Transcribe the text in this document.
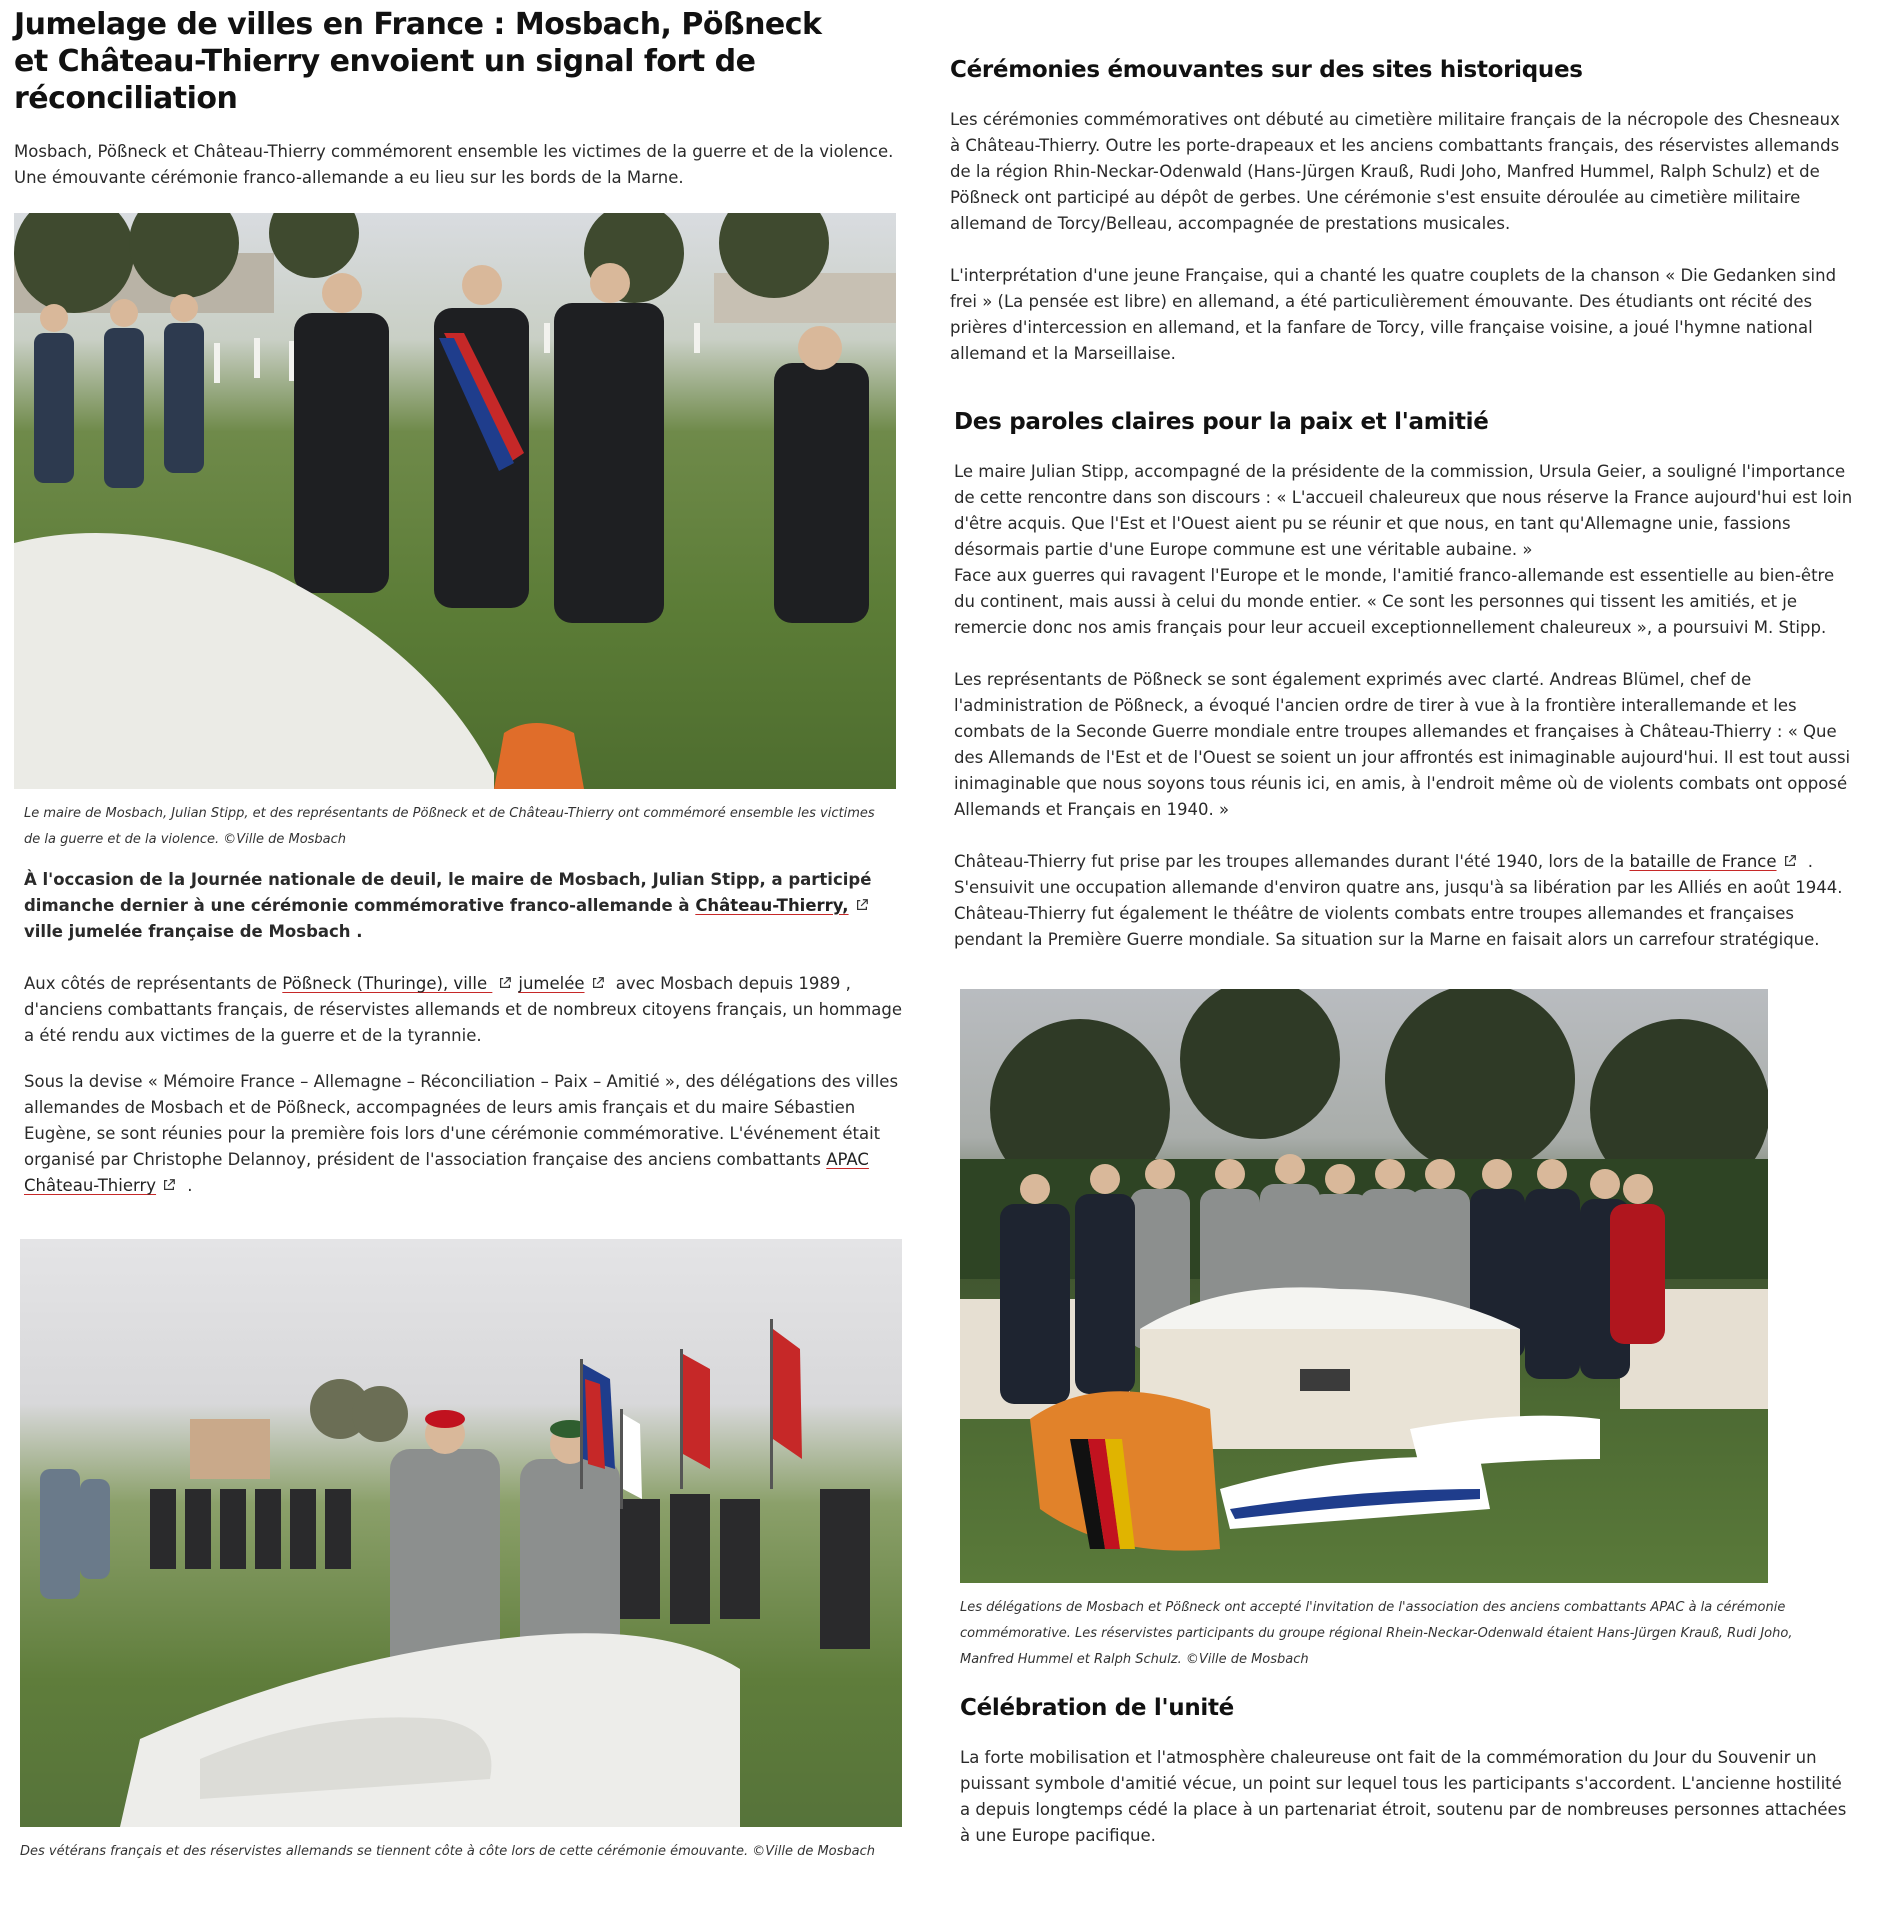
Jumelage de villes en France : Mosbach, Pößneck et Château-Thierry envoient un signal fort de réconciliation

Mosbach, Pößneck et Château-Thierry commémorent ensemble les victimes de la guerre et de la violence. Une émouvante cérémonie franco-allemande a eu lieu sur les bords de la Marne.

Le maire de Mosbach, Julian Stipp, et des représentants de Pößneck et de Château-Thierry ont commémoré ensemble les victimes de la guerre et de la violence. ©Ville de Mosbach

À l'occasion de la Journée nationale de deuil, le maire de Mosbach, Julian Stipp, a participé dimanche dernier à une cérémonie commémorative franco-allemande à Château-Thierry, ville jumelée française de Mosbach .

Aux côtés de représentants de Pößneck (Thuringe), ville jumelée avec Mosbach depuis 1989 , d'anciens combattants français, de réservistes allemands et de nombreux citoyens français, un hommage a été rendu aux victimes de la guerre et de la tyrannie.

Sous la devise « Mémoire France – Allemagne – Réconciliation – Paix – Amitié », des délégations des villes allemandes de Mosbach et de Pößneck, accompagnées de leurs amis français et du maire Sébastien Eugène, se sont réunies pour la première fois lors d'une cérémonie commémorative. L'événement était organisé par Christophe Delannoy, président de l'association française des anciens combattants APAC Château-Thierry .

Des vétérans français et des réservistes allemands se tiennent côte à côte lors de cette cérémonie émouvante. ©Ville de Mosbach

Cérémonies émouvantes sur des sites historiques

Les cérémonies commémoratives ont débuté au cimetière militaire français de la nécropole des Chesneaux à Château-Thierry. Outre les porte-drapeaux et les anciens combattants français, des réservistes allemands de la région Rhin-Neckar-Odenwald (Hans-Jürgen Krauß, Rudi Joho, Manfred Hummel, Ralph Schulz) et de Pößneck ont participé au dépôt de gerbes. Une cérémonie s'est ensuite déroulée au cimetière militaire allemand de Torcy/Belleau, accompagnée de prestations musicales.

L'interprétation d'une jeune Française, qui a chanté les quatre couplets de la chanson « Die Gedanken sind frei » (La pensée est libre) en allemand, a été particulièrement émouvante. Des étudiants ont récité des prières d'intercession en allemand, et la fanfare de Torcy, ville française voisine, a joué l'hymne national allemand et la Marseillaise.

Des paroles claires pour la paix et l'amitié

Le maire Julian Stipp, accompagné de la présidente de la commission, Ursula Geier, a souligné l'importance de cette rencontre dans son discours : « L'accueil chaleureux que nous réserve la France aujourd'hui est loin d'être acquis. Que l'Est et l'Ouest aient pu se réunir et que nous, en tant qu'Allemagne unie, fassions désormais partie d'une Europe commune est une véritable aubaine. »

Face aux guerres qui ravagent l'Europe et le monde, l'amitié franco-allemande est essentielle au bien-être du continent, mais aussi à celui du monde entier. « Ce sont les personnes qui tissent les amitiés, et je remercie donc nos amis français pour leur accueil exceptionnellement chaleureux », a poursuivi M. Stipp.

Les représentants de Pößneck se sont également exprimés avec clarté. Andreas Blümel, chef de l'administration de Pößneck, a évoqué l'ancien ordre de tirer à vue à la frontière interallemande et les combats de la Seconde Guerre mondiale entre troupes allemandes et françaises à Château-Thierry : « Que des Allemands de l'Est et de l'Ouest se soient un jour affrontés est inimaginable aujourd'hui. Il est tout aussi inimaginable que nous soyons tous réunis ici, en amis, à l'endroit même où de violents combats ont opposé Allemands et Français en 1940. »

Château-Thierry fut prise par les troupes allemandes durant l'été 1940, lors de la bataille de France . S'ensuivit une occupation allemande d'environ quatre ans, jusqu'à sa libération par les Alliés en août 1944. Château-Thierry fut également le théâtre de violents combats entre troupes allemandes et françaises pendant la Première Guerre mondiale. Sa situation sur la Marne en faisait alors un carrefour stratégique.

Les délégations de Mosbach et Pößneck ont accepté l'invitation de l'association des anciens combattants APAC à la cérémonie commémorative. Les réservistes participants du groupe régional Rhein-Neckar-Odenwald étaient Hans-Jürgen Krauß, Rudi Joho, Manfred Hummel et Ralph Schulz. ©Ville de Mosbach

Célébration de l'unité

La forte mobilisation et l'atmosphère chaleureuse ont fait de la commémoration du Jour du Souvenir un puissant symbole d'amitié vécue, un point sur lequel tous les participants s'accordent. L'ancienne hostilité a depuis longtemps cédé la place à un partenariat étroit, soutenu par de nombreuses personnes attachées à une Europe pacifique.
